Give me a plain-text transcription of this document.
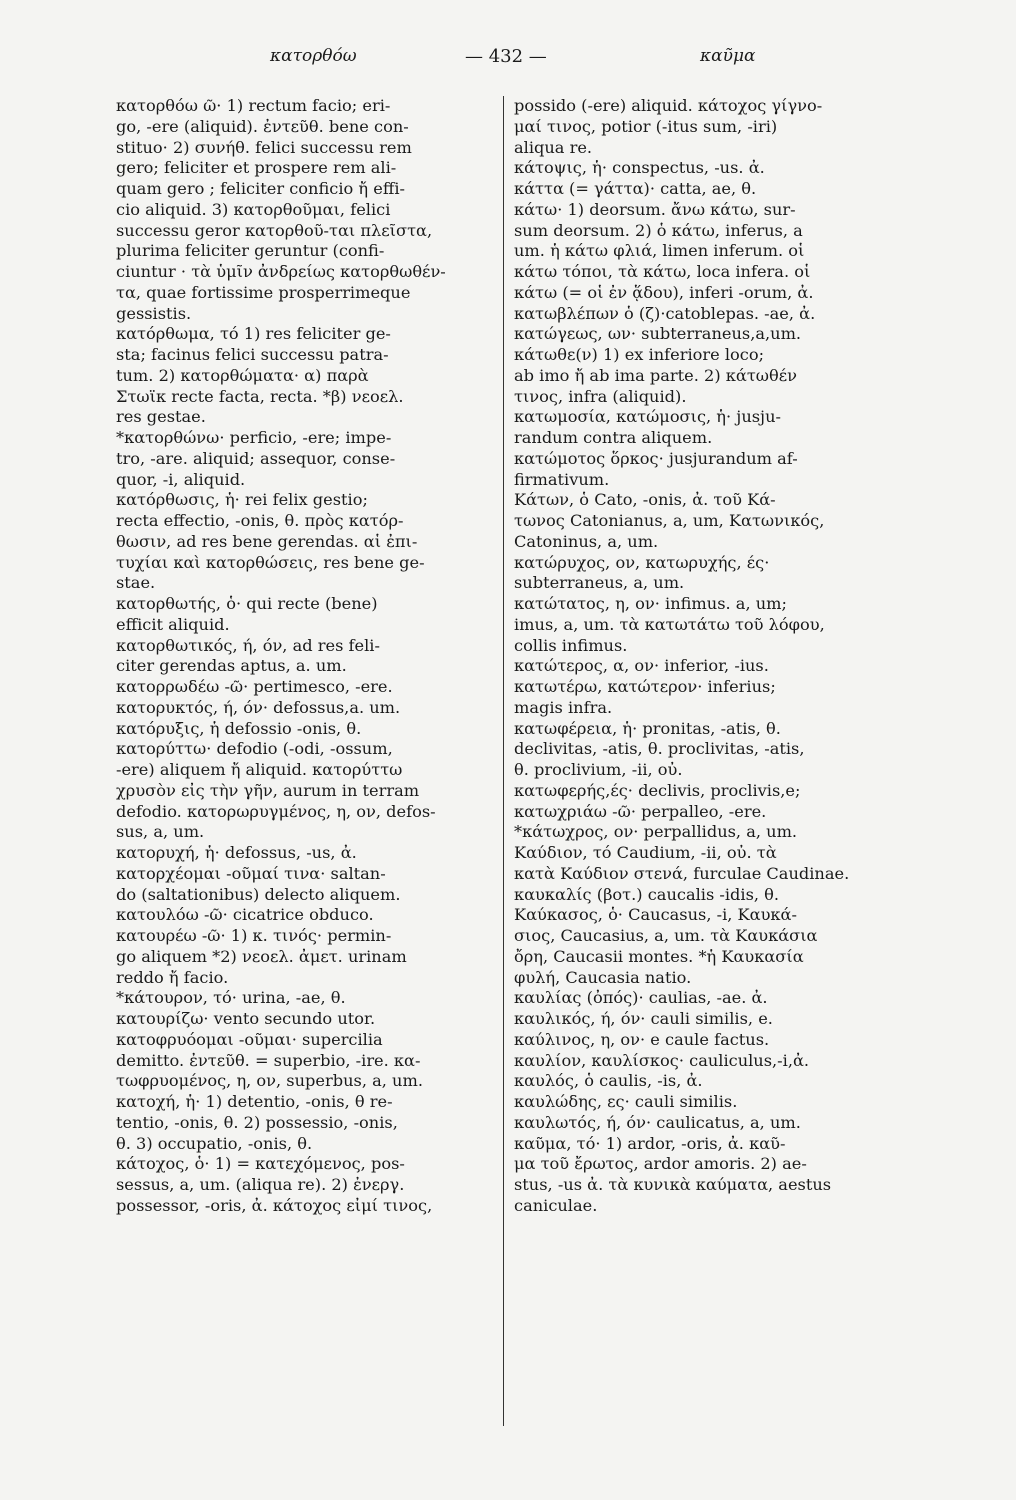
κατορθόω	— 432 —	καῦμα
κατορθόω ῶ· 1) rectum facio; eri-
go, -ere (aliquid). ἐντεῦθ. bene con-
stituo· 2) συνήθ. felici successu rem
gero; feliciter et prospere rem ali-
quam gero ; feliciter conficio ἤ effi-
cio aliquid. 3) κατορθοῦμαι, felici
successu geror κατορθοῦ-ται πλεῖστα,
plurima feliciter geruntur (confi-
ciuntur · τὰ ὑμῖν ἀνδρείως κατορθωθέν-
τα, quae fortissime prosperrimeque
gessistis.
κατόρθωμα, τό 1) res feliciter ge-
sta; facinus felici successu patra-
tum. 2) κατορθώματα· α) παρὰ
Στωϊκ recte facta, recta. *β) νεοελ.
res gestae.
*κατορθώνω· perficio, -ere; impe-
tro, -are. aliquid; assequor, conse-
quor, -i, aliquid.
κατόρθωσις, ἡ· rei felix gestio;
recta effectio, -onis, θ. πρὸς κατόρ-
θωσιν, ad res bene gerendas. αἱ ἐπι-
τυχίαι καὶ κατορθώσεις, res bene ge-
stae.
κατορθωτής, ὁ· qui recte (bene)
efficit aliquid.
κατορθωτικός, ή, όν, ad res feli-
citer gerendas aptus, a. um.
κατορρωδέω -ῶ· pertimesco, -ere.
κατορυκτός, ή, όν· defossus,a. um.
κατόρυξις, ἡ defossio -onis, θ.
κατορύττω· defodio (-odi, -ossum,
-ere) aliquem ἤ aliquid. κατορύττω
χρυσὸν εἰς τὴν γῆν, aurum in terram
defodio. κατορωρυγμένος, η, ον, defos-
sus, a, um.
κατορυχή, ἡ· defossus, -us, ἀ.
κατορχέομαι -οῦμαί τινα· saltan-
do (saltationibus) delecto aliquem.
κατουλόω -ῶ· cicatrice obduco.
κατουρέω -ῶ· 1) κ. τινός· permin-
go aliquem *2) νεοελ. ἀμετ. urinam
reddo ἤ facio.
*κάτουρον, τό· urina, -ae, θ.
κατουρίζω· vento secundo utor.
κατοφρυόομαι -οῦμαι· supercilia
demitto. ἐντεῦθ. = superbio, -ire. κα-
τωφρυομένος, η, ον, superbus, a, um.
κατοχή, ἡ· 1) detentio, -onis, θ re-
tentio, -onis, θ. 2) possessio, -onis,
θ. 3) occupatio, -onis, θ.
κάτοχος, ὁ· 1) = κατεχόμενος, pos-
sessus, a, um. (aliqua re). 2) ἐνεργ.
possessor, -oris, ἀ. κάτοχος εἰμί τινος,
possido (-ere) aliquid. κάτοχος γίγνο-
μαί τινος, potior (-itus sum, -iri)
aliqua re.
κάτοψις, ἡ· conspectus, -us. ἀ.
κάττα (= γάττα)· catta, ae, θ.
κάτω· 1) deorsum. ἄνω κάτω, sur-
sum deorsum. 2) ὁ κάτω, inferus, a
um. ἡ κάτω φλιά, limen inferum. οἱ
κάτω τόποι, τὰ κάτω, loca infera. οἱ
κάτω (= οἱ ἐν ᾅδου), inferi -orum, ἀ.
κατωβλέπων ὁ (ζ)·catoblepas. -ae, ἀ.
κατώγεως, ων· subterraneus,a,um.
κάτωθε(ν) 1) ex inferiore loco;
ab imo ἤ ab ima parte. 2) κάτωθέν
τινος, infra (aliquid).
κατωμοσία, κατώμοσις, ἡ· jusju-
randum contra aliquem.
κατώμοτος ὅρκος· jusjurandum af-
firmativum.
Κάτων, ὁ Cato, -onis, ἀ. τοῦ Κά-
τωνος Catonianus, a, um, Κατωνικός,
Catoninus, a, um.
κατώρυχος, ον, κατωρυχής, ές·
subterraneus, a, um.
κατώτατος, η, ον· infimus. a, um;
imus, a, um. τὰ κατωτάτω τοῦ λόφου,
collis infimus.
κατώτερος, α, ον· inferior, -ius.
κατωτέρω, κατώτερον· inferius;
magis infra.
κατωφέρεια, ἡ· pronitas, -atis, θ.
declivitas, -atis, θ. proclivitas, -atis,
θ. proclivium, -ii, οὐ.
κατωφερής,ές· declivis, proclivis,e;
κατωχριάω -ῶ· perpalleo, -ere.
*κάτωχρος, ον· perpallidus, a, um.
Καύδιον, τό Caudium, -ii, οὐ. τὰ
κατὰ Καύδιον στενά, furculae Caudinae.
καυκαλίς (βοτ.) caucalis -idis, θ.
Καύκασος, ὁ· Caucasus, -i, Καυκά-
σιος, Caucasius, a, um. τὰ Καυκάσια
ὄρη, Caucasii montes. *ἡ Καυκασία
φυλή, Caucasia natio.
καυλίας (ὀπός)· caulias, -ae. ἀ.
καυλικός, ή, όν· cauli similis, e.
καύλινος, η, ον· e caule factus.
καυλίον, καυλίσκος· cauliculus,-i,ἀ.
καυλός, ὁ caulis, -is, ἀ.
καυλώδης, ες· cauli similis.
καυλωτός, ή, όν· caulicatus, a, um.
καῦμα, τό· 1) ardor, -oris, ἀ. καῦ-
μα τοῦ ἔρωτος, ardor amoris. 2) ae-
stus, -us ἀ. τὰ κυνικὰ καύματα, aestus
caniculae.
